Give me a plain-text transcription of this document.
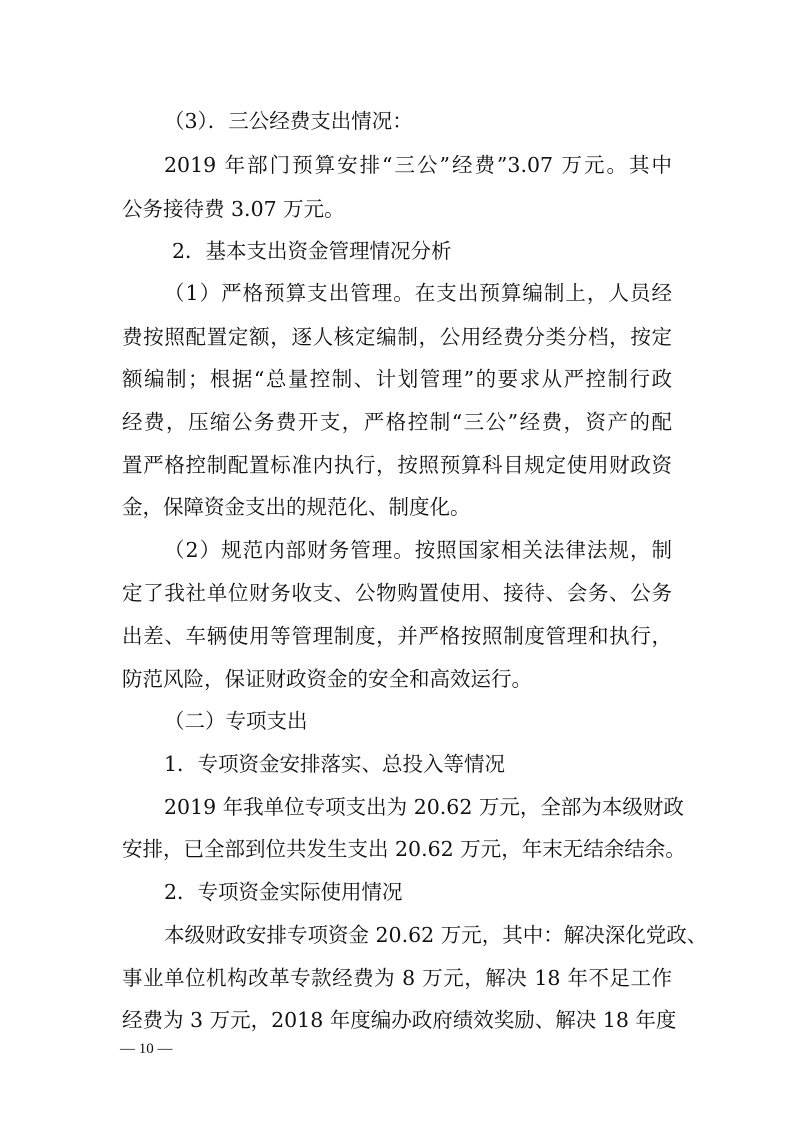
（3）．三公经费支出情况：
2019 年部门预算安排“三公”经费”3.07 万元。其中
公务接待费 3.07 万元。
2．基本支出资金管理情况分析
（1）严格预算支出管理。在支出预算编制上，人员经
费按照配置定额，逐人核定编制，公用经费分类分档，按定
额编制；根据“总量控制、计划管理”的要求从严控制行政
经费，压缩公务费开支，严格控制“三公”经费，资产的配
置严格控制配置标准内执行，按照预算科目规定使用财政资
金，保障资金支出的规范化、制度化。
（2）规范内部财务管理。按照国家相关法律法规，制
定了我社单位财务收支、公物购置使用、接待、会务、公务
出差、车辆使用等管理制度，并严格按照制度管理和执行，
防范风险，保证财政资金的安全和高效运行。
（二）专项支出
1．专项资金安排落实、总投入等情况
2019 年我单位专项支出为 20.62 万元，全部为本级财政
安排，已全部到位共发生支出 20.62 万元，年末无结余结余。
2．专项资金实际使用情况
本级财政安排专项资金 20.62 万元，其中：解决深化党政、
事业单位机构改革专款经费为 8 万元，解决 18 年不足工作
经费为 3 万元，2018 年度编办政府绩效奖励、解决 18 年度
— 10 —
